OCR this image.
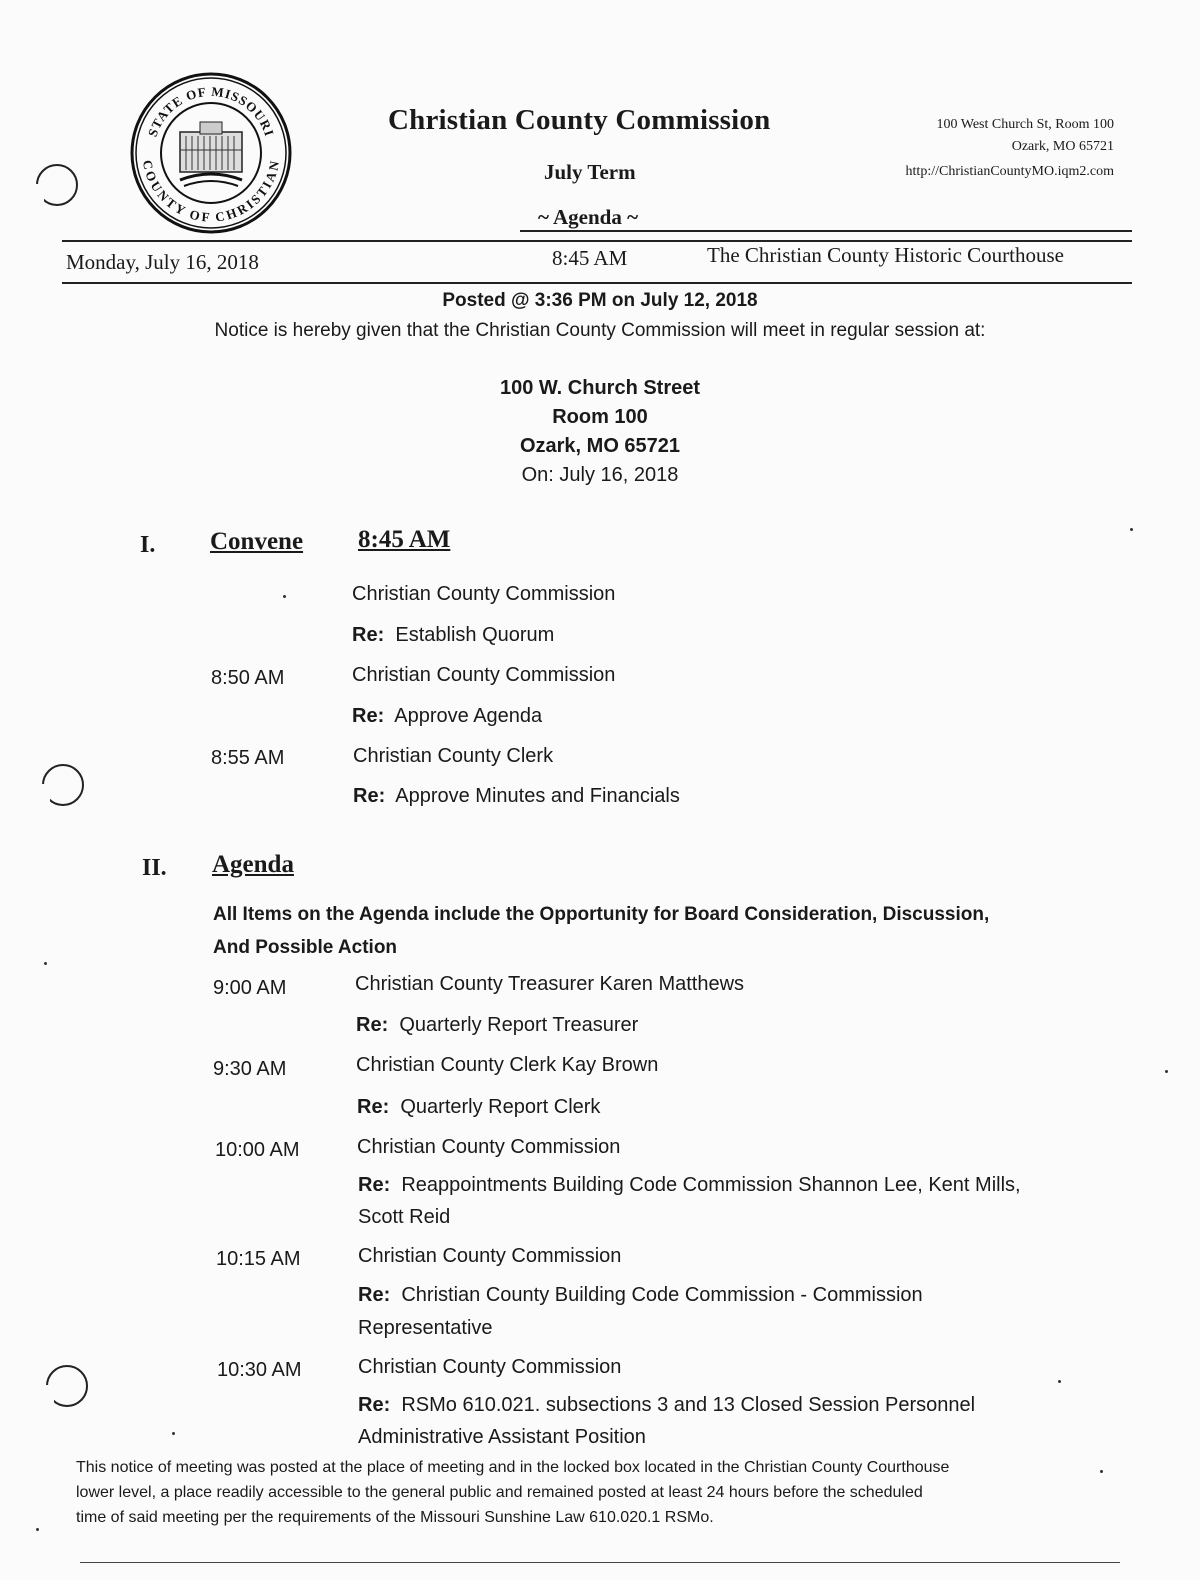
STATE OF MISSOURI
COUNTY OF CHRISTIAN
Christian County Commission
July Term
~ Agenda ~
100 West Church St, Room 100
Ozark, MO 65721
http://ChristianCountyMO.iqm2.com
Monday, July 16, 2018	8:45 AM	The Christian County Historic Courthouse
Posted @ 3:36 PM on July 12, 2018
Notice is hereby given that the Christian County Commission will meet in regular session at:
100 W. Church Street
Room 100
Ozark, MO 65721
On: July 16, 2018
I. Convene 8:45 AM
Christian County Commission
Re: Establish Quorum
8:50 AM	Christian County Commission
Re: Approve Agenda
8:55 AM	Christian County Clerk
Re: Approve Minutes and Financials
II. Agenda
All Items on the Agenda include the Opportunity for Board Consideration, Discussion,
And Possible Action
9:00 AM	Christian County Treasurer Karen Matthews
Re: Quarterly Report Treasurer
9:30 AM	Christian County Clerk Kay Brown
Re: Quarterly Report Clerk
10:00 AM	Christian County Commission
Re: Reappointments Building Code Commission Shannon Lee, Kent Mills,
Scott Reid
10:15 AM	Christian County Commission
Re: Christian County Building Code Commission - Commission
Representative
10:30 AM	Christian County Commission
Re: RSMo 610.021. subsections 3 and 13 Closed Session Personnel
Administrative Assistant Position
This notice of meeting was posted at the place of meeting and in the locked box located in the Christian County Courthouse
lower level, a place readily accessible to the general public and remained posted at least 24 hours before the scheduled
time of said meeting per the requirements of the Missouri Sunshine Law 610.020.1 RSMo.
